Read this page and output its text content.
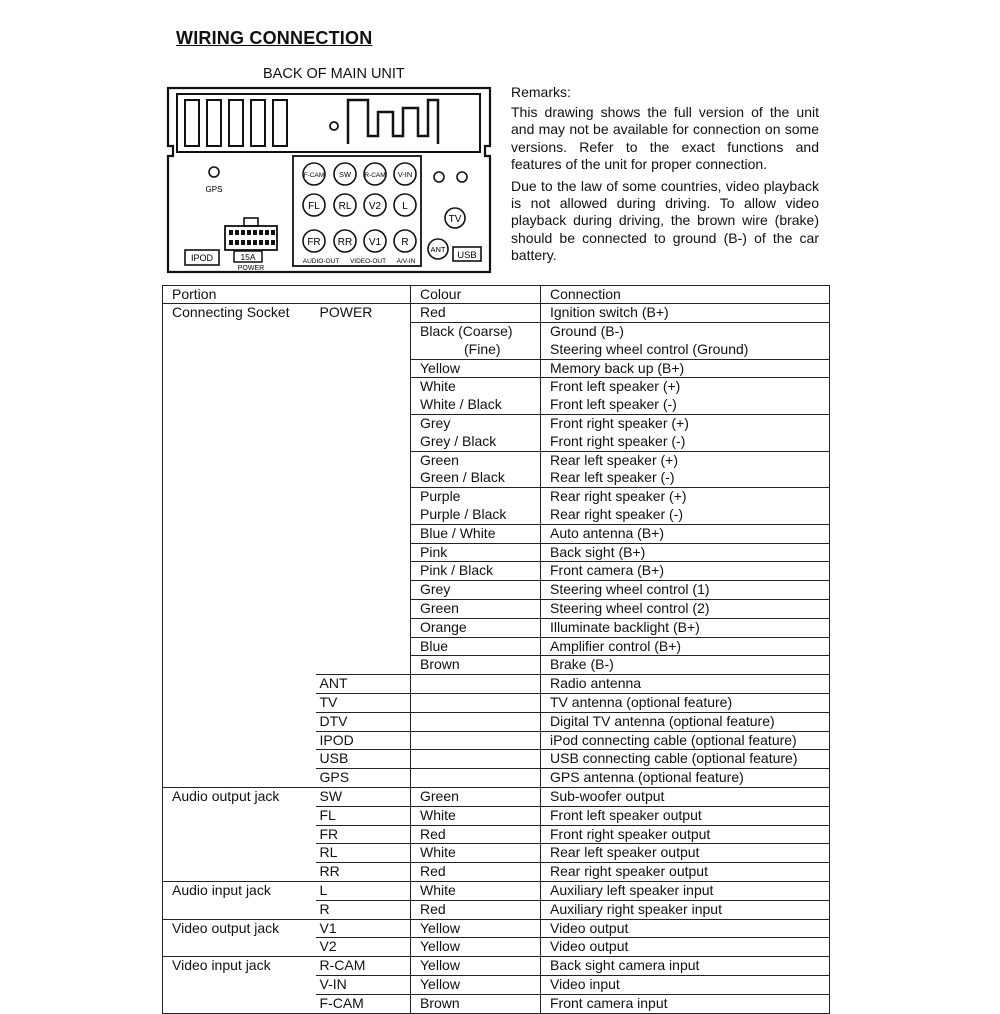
WIRING CONNECTION
BACK OF MAIN UNIT
GPS
IPOD	15A
POWER
F-CAM SW R-CAM V-IN
FL RL V2 L
FR RR V1 R
AUDIO-OUT VIDEO-OUT A/V-IN
TV
ANT
USB
Remarks:

This drawing shows the full version of the unit and may not be available for connection on some versions. Refer to the exact functions and features of the unit for proper connection.

Due to the law of some countries, video playback is not allowed during driving. To allow video playback during driving, the brown wire (brake) should be connected to ground (B-) of the car battery.

Portion		Colour	Connection
Connecting Socket	POWER	Red	Ignition switch (B+)
		Black (Coarse)	Ground (B-)
		(Fine)	Steering wheel control (Ground)
		Yellow	Memory back up (B+)
		White	Front left speaker (+)
		White / Black	Front left speaker (-)
		Grey	Front right speaker (+)
		Grey / Black	Front right speaker (-)
		Green	Rear left speaker (+)
		Green / Black	Rear left speaker (-)
		Purple	Rear right speaker (+)
		Purple / Black	Rear right speaker (-)
		Blue / White	Auto antenna (B+)
		Pink	Back sight (B+)
		Pink / Black	Front camera (B+)
		Grey	Steering wheel control (1)
		Green	Steering wheel control (2)
		Orange	Illuminate backlight (B+)
		Blue	Amplifier control (B+)
		Brown	Brake (B-)
	ANT		Radio antenna
	TV		TV antenna (optional feature)
	DTV		Digital TV antenna (optional feature)
	IPOD		iPod connecting cable (optional feature)
	USB		USB connecting cable (optional feature)
	GPS		GPS antenna (optional feature)
Audio output jack	SW	Green	Sub-woofer output
	FL	White	Front left speaker output
	FR	Red	Front right speaker output
	RL	White	Rear left speaker output
	RR	Red	Rear right speaker output
Audio input jack	L	White	Auxiliary left speaker input
	R	Red	Auxiliary right speaker input
Video output jack	V1	Yellow	Video output
	V2	Yellow	Video output
Video input jack	R-CAM	Yellow	Back sight camera input
	V-IN	Yellow	Video input
	F-CAM	Brown	Front camera input
